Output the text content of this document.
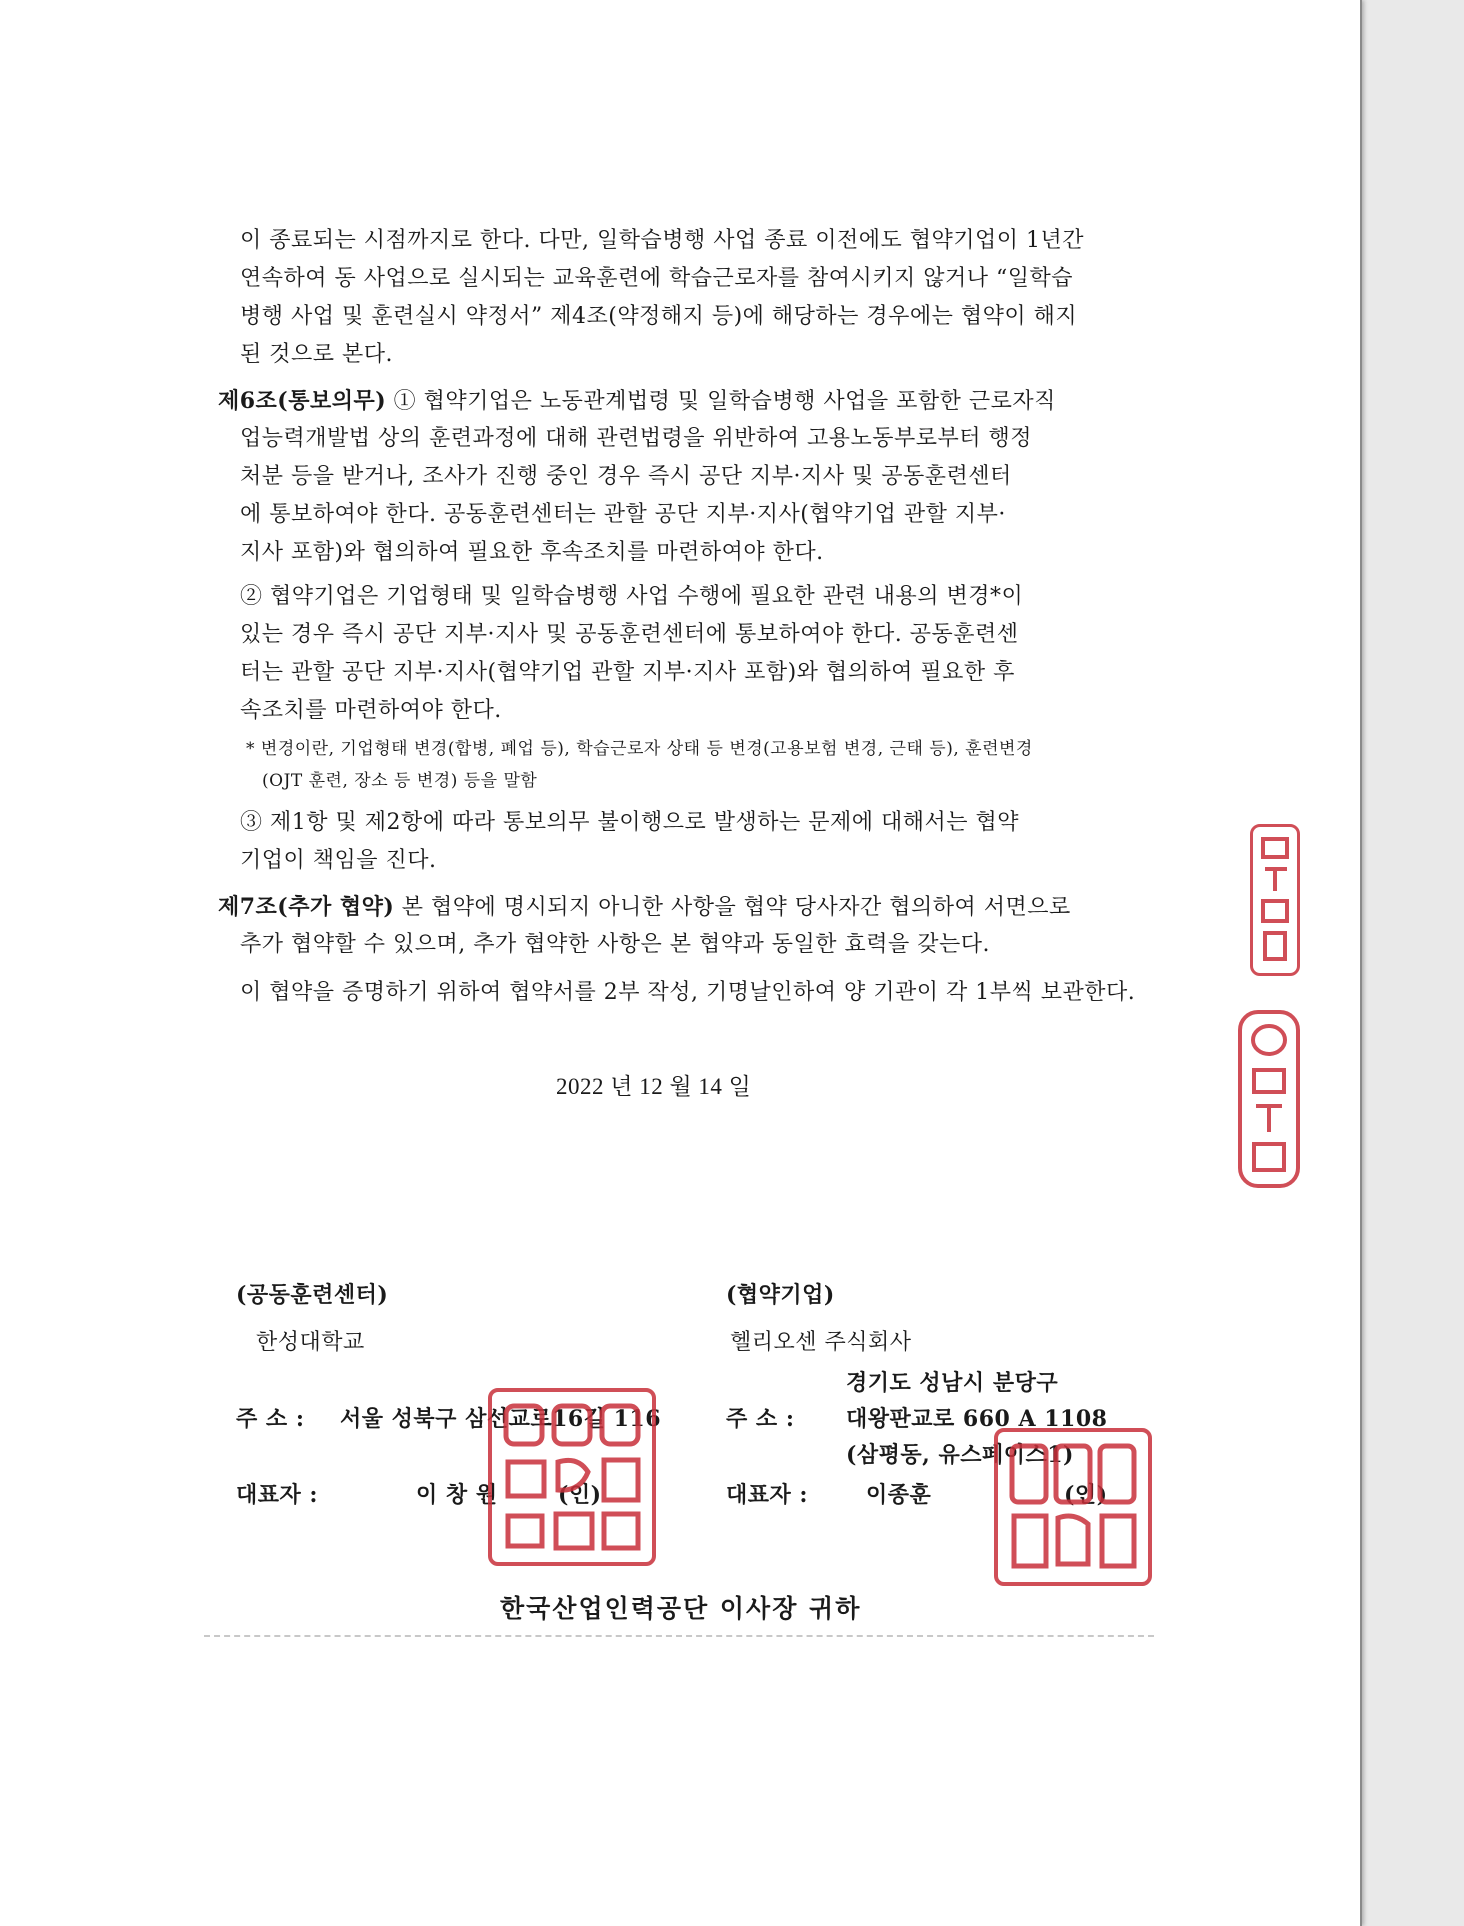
이 종료되는 시점까지로 한다. 다만, 일학습병행 사업 종료 이전에도 협약기업이 1년간

연속하여 동 사업으로 실시되는 교육훈련에 학습근로자를 참여시키지 않거나 “일학습

병행 사업 및 훈련실시 약정서” 제4조(약정해지 등)에 해당하는 경우에는 협약이 해지

된 것으로 본다.

제6조(통보의무) ① 협약기업은 노동관계법령 및 일학습병행 사업을 포함한 근로자직

업능력개발법 상의 훈련과정에 대해 관련법령을 위반하여 고용노동부로부터 행정

처분 등을 받거나, 조사가 진행 중인 경우 즉시 공단 지부·지사 및 공동훈련센터

에 통보하여야 한다. 공동훈련센터는 관할 공단 지부·지사(협약기업 관할 지부·

지사 포함)와 협의하여 필요한 후속조치를 마련하여야 한다.

② 협약기업은 기업형태 및 일학습병행 사업 수행에 필요한 관련 내용의 변경*이

있는 경우 즉시 공단 지부·지사 및 공동훈련센터에 통보하여야 한다. 공동훈련센

터는 관할 공단 지부·지사(협약기업 관할 지부·지사 포함)와 협의하여 필요한 후

속조치를 마련하여야 한다.

* 변경이란, 기업형태 변경(합병, 폐업 등), 학습근로자 상태 등 변경(고용보험 변경, 근태 등), 훈련변경

(OJT 훈련, 장소 등 변경) 등을 말함

③ 제1항 및 제2항에 따라 통보의무 불이행으로 발생하는 문제에 대해서는 협약

기업이 책임을 진다.

제7조(추가 협약) 본 협약에 명시되지 아니한 사항을 협약 당사자간 협의하여 서면으로

추가 협약할 수 있으며, 추가 협약한 사항은 본 협약과 동일한 효력을 갖는다.

이 협약을 증명하기 위하여 협약서를 2부 작성, 기명날인하여 양 기관이 각 1부씩 보관한다.

2022 년 12 월 14 일

(공동훈련센터)

한성대학교

주 소 : 서울 성북구 삼선교로16길 116

대표자 :	이 창 원	(인)

(협약기업)

헬리오센 주식회사

경기도 성남시 분당구

주 소 : 대왕판교로 660 A 1108

(삼평동, 유스페이스1)

대표자 :	이종훈	(인)

한국산업인력공단 이사장 귀하
